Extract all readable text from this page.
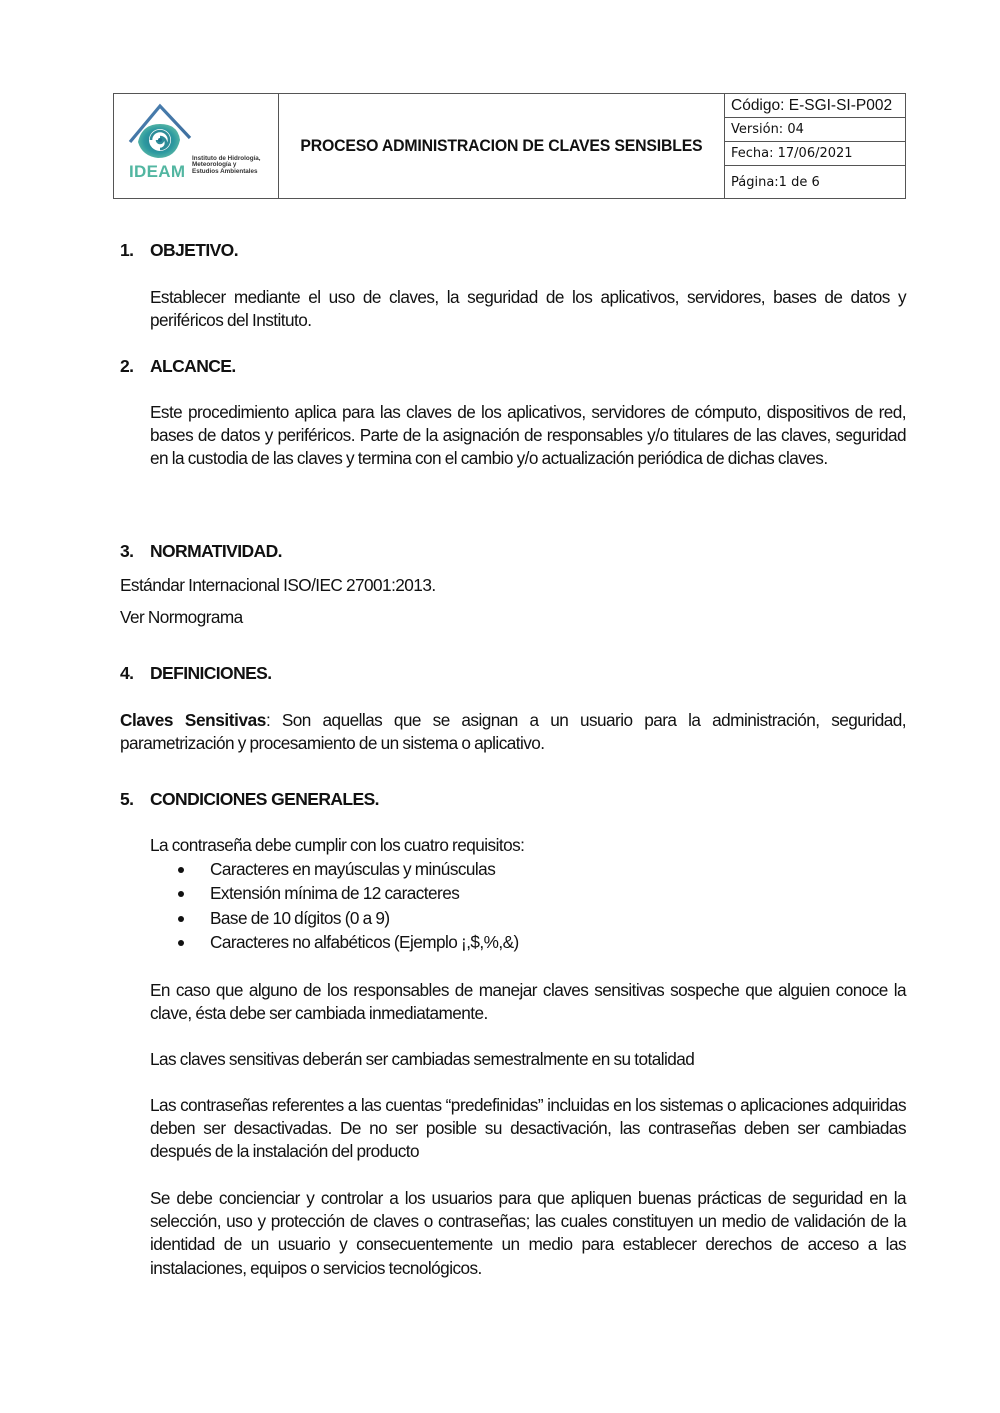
IDEAM
Instituto de Hidrología,
Meteorología y
Estudios Ambientales
PROCESO ADMINISTRACION DE CLAVES SENSIBLES
Código: E-SGI-SI-P002
Versión: 04
Fecha: 17/06/2021
Página:1 de 6
1. OBJETIVO.
Establecer mediante el uso de claves, la seguridad de los aplicativos, servidores, bases de datos y periféricos del Instituto.
2. ALCANCE.
Este procedimiento aplica para las claves de los aplicativos, servidores de cómputo, dispositivos de red, bases de datos y periféricos. Parte de la asignación de responsables y/o titulares de las claves, seguridad en la custodia de las claves y termina con el cambio y/o actualización periódica de dichas claves.
3. NORMATIVIDAD.
Estándar Internacional ISO/IEC 27001:2013.
Ver Normograma
4. DEFINICIONES.
Claves Sensitivas: Son aquellas que se asignan a un usuario para la administración, seguridad, parametrización y procesamiento de un sistema o aplicativo.
5. CONDICIONES GENERALES.
La contraseña debe cumplir con los cuatro requisitos:
Caracteres en mayúsculas y minúsculas
Extensión mínima de 12 caracteres
Base de 10 dígitos (0 a 9)
Caracteres no alfabéticos (Ejemplo ¡,$,%,&)
En caso que alguno de los responsables de manejar claves sensitivas sospeche que alguien conoce la clave, ésta debe ser cambiada inmediatamente.
Las claves sensitivas deberán ser cambiadas semestralmente en su totalidad
Las contraseñas referentes a las cuentas “predefinidas” incluidas en los sistemas o aplicaciones adquiridas deben ser desactivadas. De no ser posible su desactivación, las contraseñas deben ser cambiadas después de la instalación del producto
Se debe concienciar y controlar a los usuarios para que apliquen buenas prácticas de seguridad en la selección, uso y protección de claves o contraseñas; las cuales constituyen un medio de validación de la identidad de un usuario y consecuentemente un medio para establecer derechos de acceso a las instalaciones, equipos o servicios tecnológicos.
